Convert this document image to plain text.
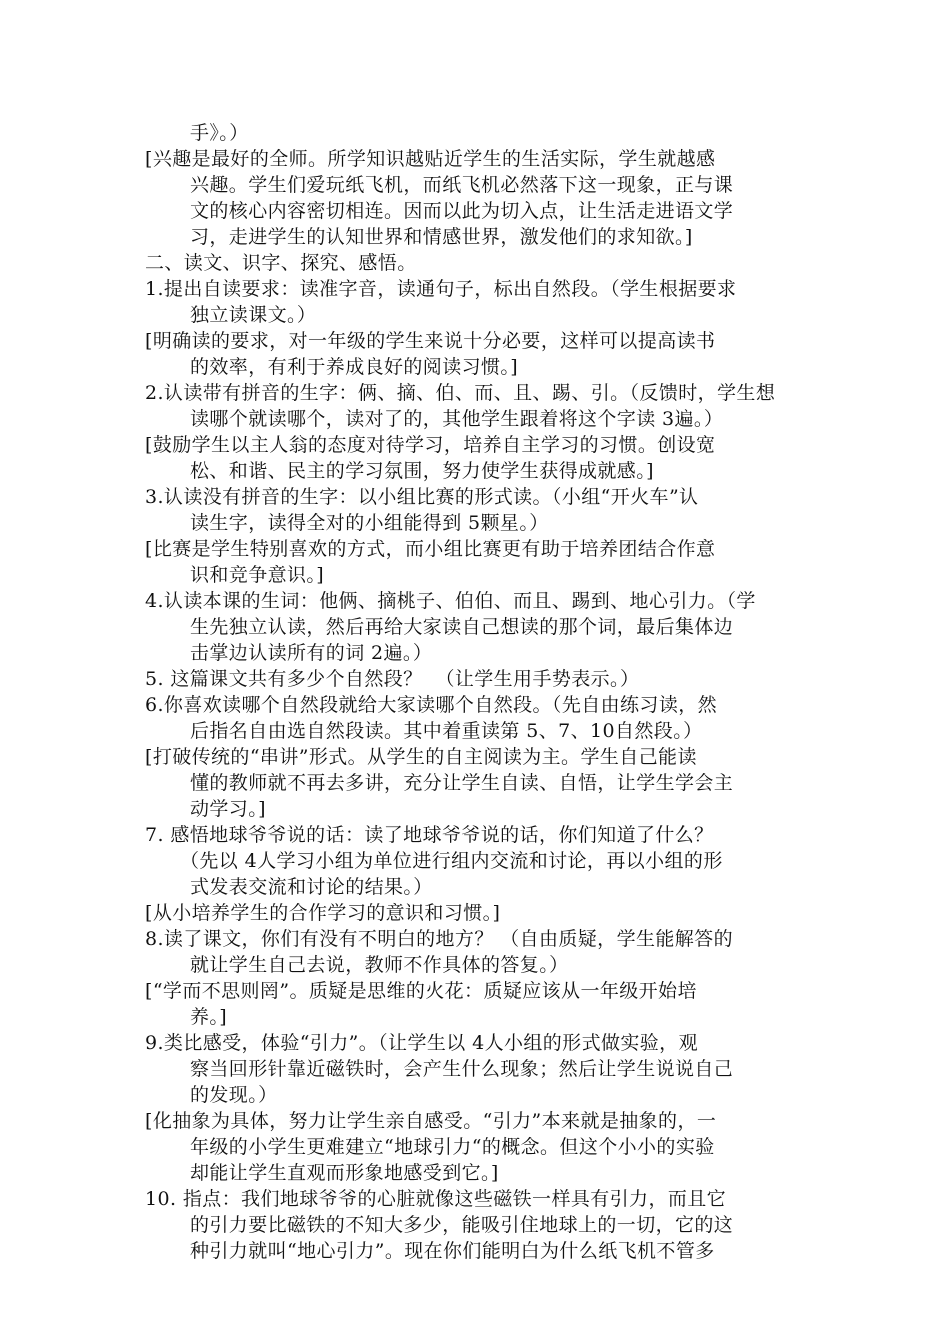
手》。）
[兴趣是最好的全师。所学知识越贴近学生的生活实际，学生就越感
兴趣。学生们爱玩纸飞机，而纸飞机必然落下这一现象，正与课
文的核心内容密切相连。因而以此为切入点，让生活走进语文学
习，走进学生的认知世界和情感世界，激发他们的求知欲。]
二、读文、识字、探究、感悟。
1.提出自读要求：读准字音，读通句子，标出自然段。（学生根据要求
独立读课文。）
[明确读的要求，对一年级的学生来说十分必要，这样可以提高读书
的效率，有利于养成良好的阅读习惯。]
2.认读带有拼音的生字：俩、摘、伯、而、且、踢、引。（反馈时，学生想
读哪个就读哪个，读对了的，其他学生跟着将这个字读 3遍。）
[鼓励学生以主人翁的态度对待学习，培养自主学习的习惯。创设宽
松、和谐、民主的学习氛围，努力使学生获得成就感。]
3.认读没有拼音的生字：以小组比赛的形式读。（小组“开火车”认
读生字，读得全对的小组能得到 5颗星。）
[比赛是学生特别喜欢的方式，而小组比赛更有助于培养团结合作意
识和竞争意识。]
4.认读本课的生词：他俩、摘桃子、伯伯、而且、踢到、地心引力。（学
生先独立认读，然后再给大家读自己想读的那个词，最后集体边
击掌边认读所有的词 2遍。）
5. 这篇课文共有多少个自然段？  （让学生用手势表示。）
6.你喜欢读哪个自然段就给大家读哪个自然段。（先自由练习读，然
后指名自由选自然段读。其中着重读第 5、7、10自然段。）
[打破传统的“串讲”形式。从学生的自主阅读为主。学生自己能读
懂的教师就不再去多讲，充分让学生自读、自悟，让学生学会主
动学习。]
7. 感悟地球爷爷说的话：读了地球爷爷说的话，你们知道了什么？
（先以 4人学习小组为单位进行组内交流和讨论，再以小组的形
式发表交流和讨论的结果。）
[从小培养学生的合作学习的意识和习惯。]
8.读了课文，你们有没有不明白的地方？ （自由质疑，学生能解答的
就让学生自己去说，教师不作具体的答复。）
[“学而不思则罔”。质疑是思维的火花：质疑应该从一年级开始培
养。]
9.类比感受，体验“引力”。（让学生以 4人小组的形式做实验，观
察当回形针靠近磁铁时，会产生什么现象；然后让学生说说自己
的发现。）
[化抽象为具体，努力让学生亲自感受。“引力”本来就是抽象的，一
年级的小学生更难建立“地球引力“的概念。但这个小小的实验
却能让学生直观而形象地感受到它。]
10. 指点：我们地球爷爷的心脏就像这些磁铁一样具有引力，而且它
的引力要比磁铁的不知大多少，能吸引住地球上的一切，它的这
种引力就叫“地心引力”。现在你们能明白为什么纸飞机不管多
